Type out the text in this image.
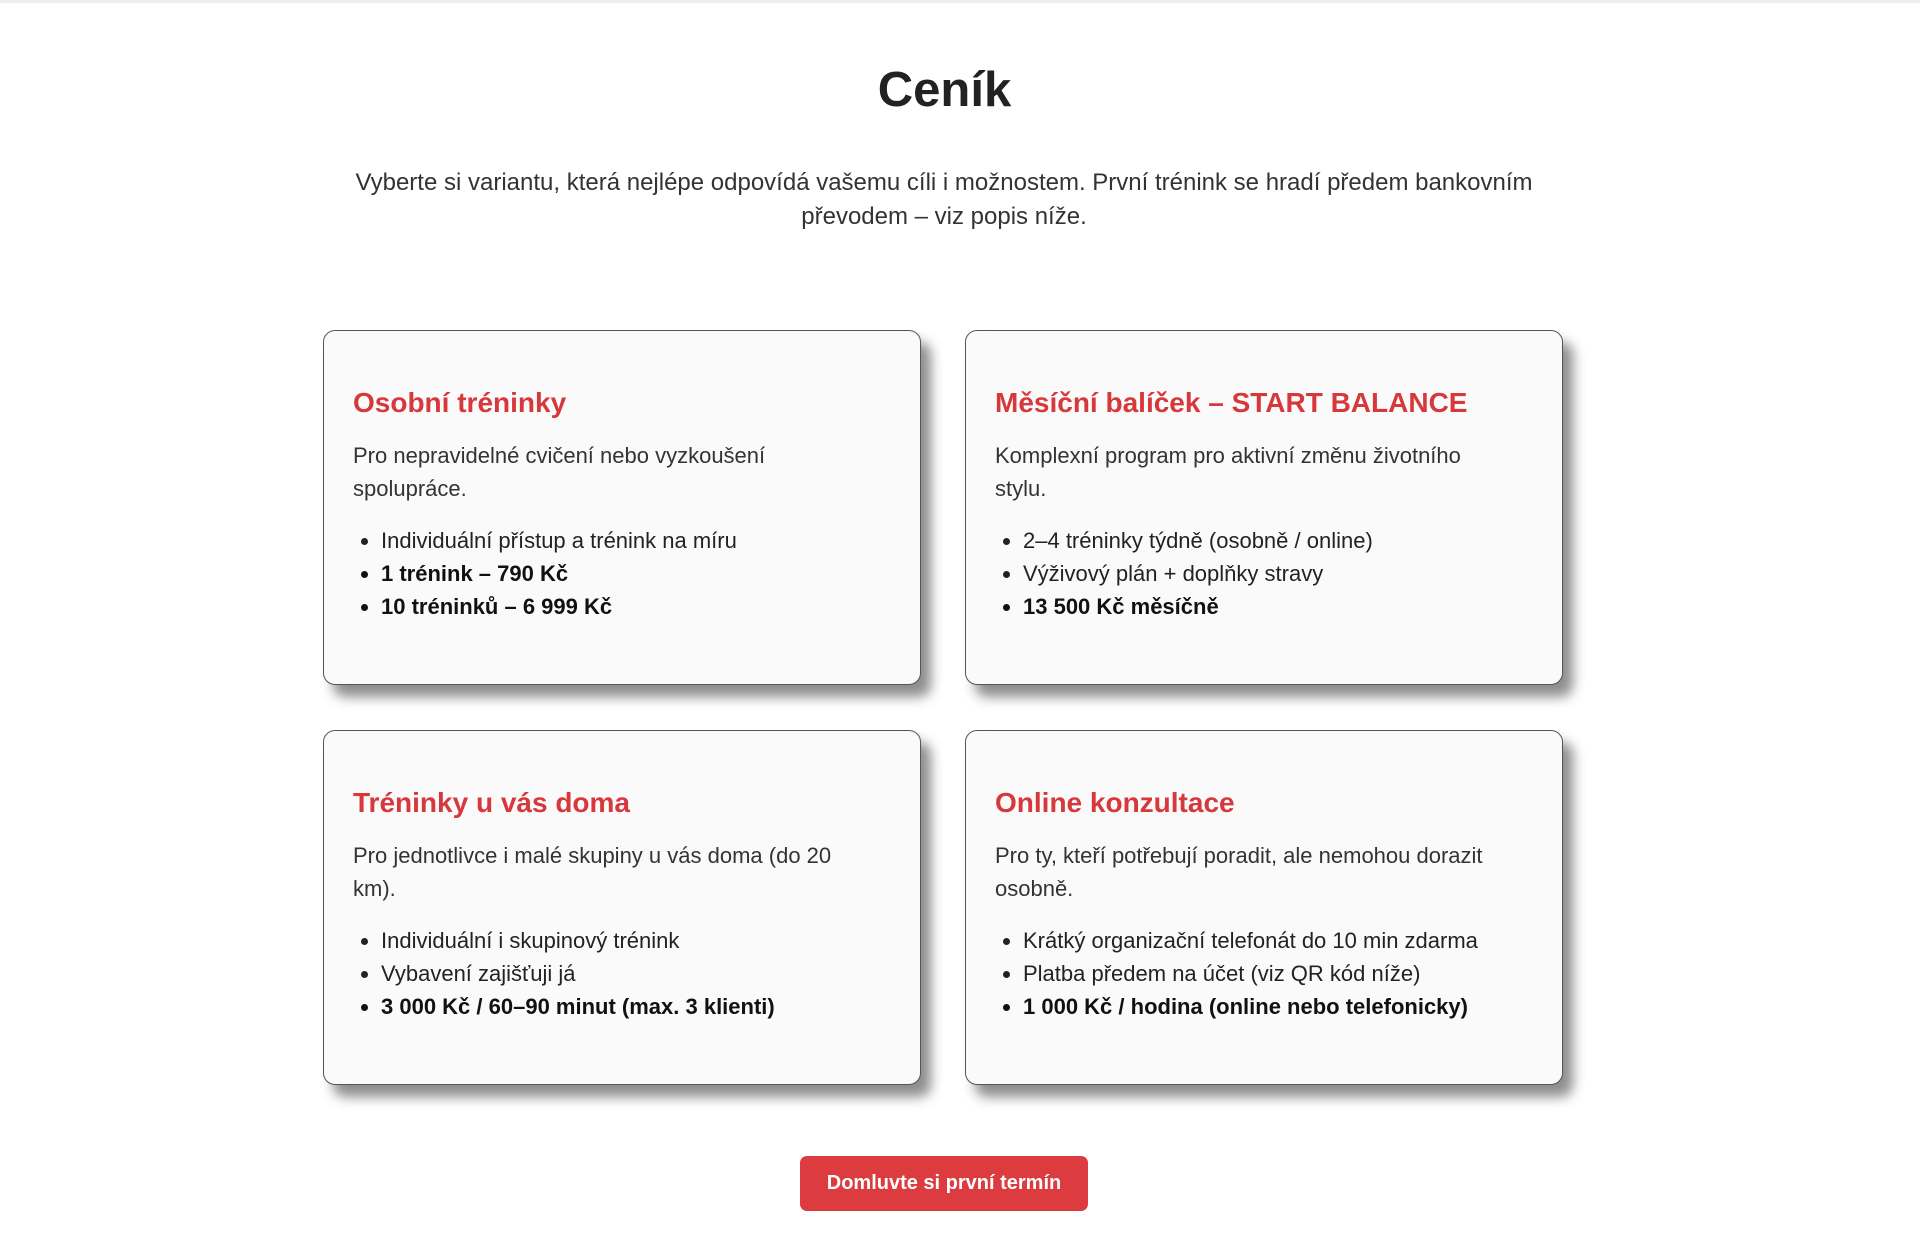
Ceník

Vyberte si variantu, která nejlépe odpovídá vašemu cíli i možnostem. První trénink se hradí předem bankovním převodem – viz popis níže.

Osobní tréninky

Pro nepravidelné cvičení nebo vyzkoušení spolupráce.

• Individuální přístup a trénink na míru
• 1 trénink – 790 Kč
• 10 tréninků – 6 999 Kč
Měsíční balíček – START BALANCE

Komplexní program pro aktivní změnu životního stylu.

• 2–4 tréninky týdně (osobně / online)
• Výživový plán + doplňky stravy
• 13 500 Kč měsíčně
Tréninky u vás doma

Pro jednotlivce i malé skupiny u vás doma (do 20 km).

• Individuální i skupinový trénink
• Vybavení zajišťuji já
• 3 000 Kč / 60–90 minut (max. 3 klienti)
Online konzultace

Pro ty, kteří potřebují poradit, ale nemohou dorazit osobně.

• Krátký organizační telefonát do 10 min zdarma
• Platba předem na účet (viz QR kód níže)
• 1 000 Kč / hodina (online nebo telefonicky)
Domluvte si první termín
